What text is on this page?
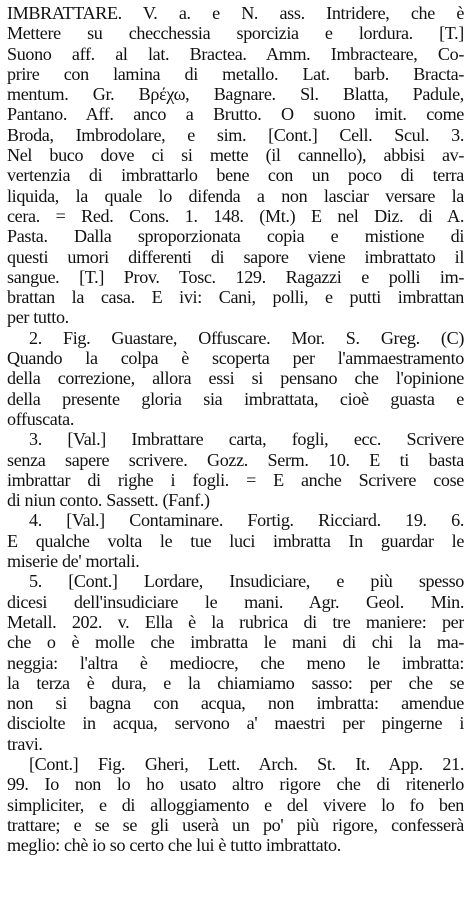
IMBRATTARE. V. a. e N. ass. Intridere, che è
Mettere su checchessia sporcizia e lordura. [T.]
Suono aff. al lat. Bractea. Amm. Imbracteare, Co-
prire con lamina di metallo. Lat. barb. Bracta-
mentum. Gr. Βρέχω, Bagnare. Sl. Blatta, Padule,
Pantano. Aff. anco a Brutto. O suono imit. come
Broda, Imbrodolare, e sim. [Cont.] Cell. Scul. 3.
Nel buco dove ci si mette (il cannello), abbisi av-
vertenzia di imbrattarlo bene con un poco di terra
liquida, la quale lo difenda a non lasciar versare la
cera. = Red. Cons. 1. 148. (Mt.) E nel Diz. di A.
Pasta. Dalla sproporzionata copia e mistione di
questi umori differenti di sapore viene imbrattato il
sangue. [T.] Prov. Tosc. 129. Ragazzi e polli im-
brattan la casa. E ivi: Cani, polli, e putti imbrattan
per tutto.
2. Fig. Guastare, Offuscare. Mor. S. Greg. (C)
Quando la colpa è scoperta per l'ammaestramento
della correzione, allora essi si pensano che l'opinione
della presente gloria sia imbrattata, cioè guasta e
offuscata.
3. [Val.] Imbrattare carta, fogli, ecc. Scrivere
senza sapere scrivere. Gozz. Serm. 10. E ti basta
imbrattar di righe i fogli. = E anche Scrivere cose
di niun conto. Sassett. (Fanf.)
4. [Val.] Contaminare. Fortig. Ricciard. 19. 6.
E qualche volta le tue luci imbratta In guardar le
miserie de' mortali.
5. [Cont.] Lordare, Insudiciare, e più spesso
dicesi dell'insudiciare le mani. Agr. Geol. Min.
Metall. 202. v. Ella è la rubrica di tre maniere: per
che o è molle che imbratta le mani di chi la ma-
neggia: l'altra è mediocre, che meno le imbratta:
la terza è dura, e la chiamiamo sasso: per che se
non si bagna con acqua, non imbratta: amendue
disciolte in acqua, servono a' maestri per pingerne i
travi.
[Cont.] Fig. Gheri, Lett. Arch. St. It. App. 21.
99. Io non lo ho usato altro rigore che di ritenerlo
simpliciter, e di alloggiamento e del vivere lo fo ben
trattare; e se se gli userà un po' più rigore, confesserà
meglio: chè io so certo che lui è tutto imbrattato.
